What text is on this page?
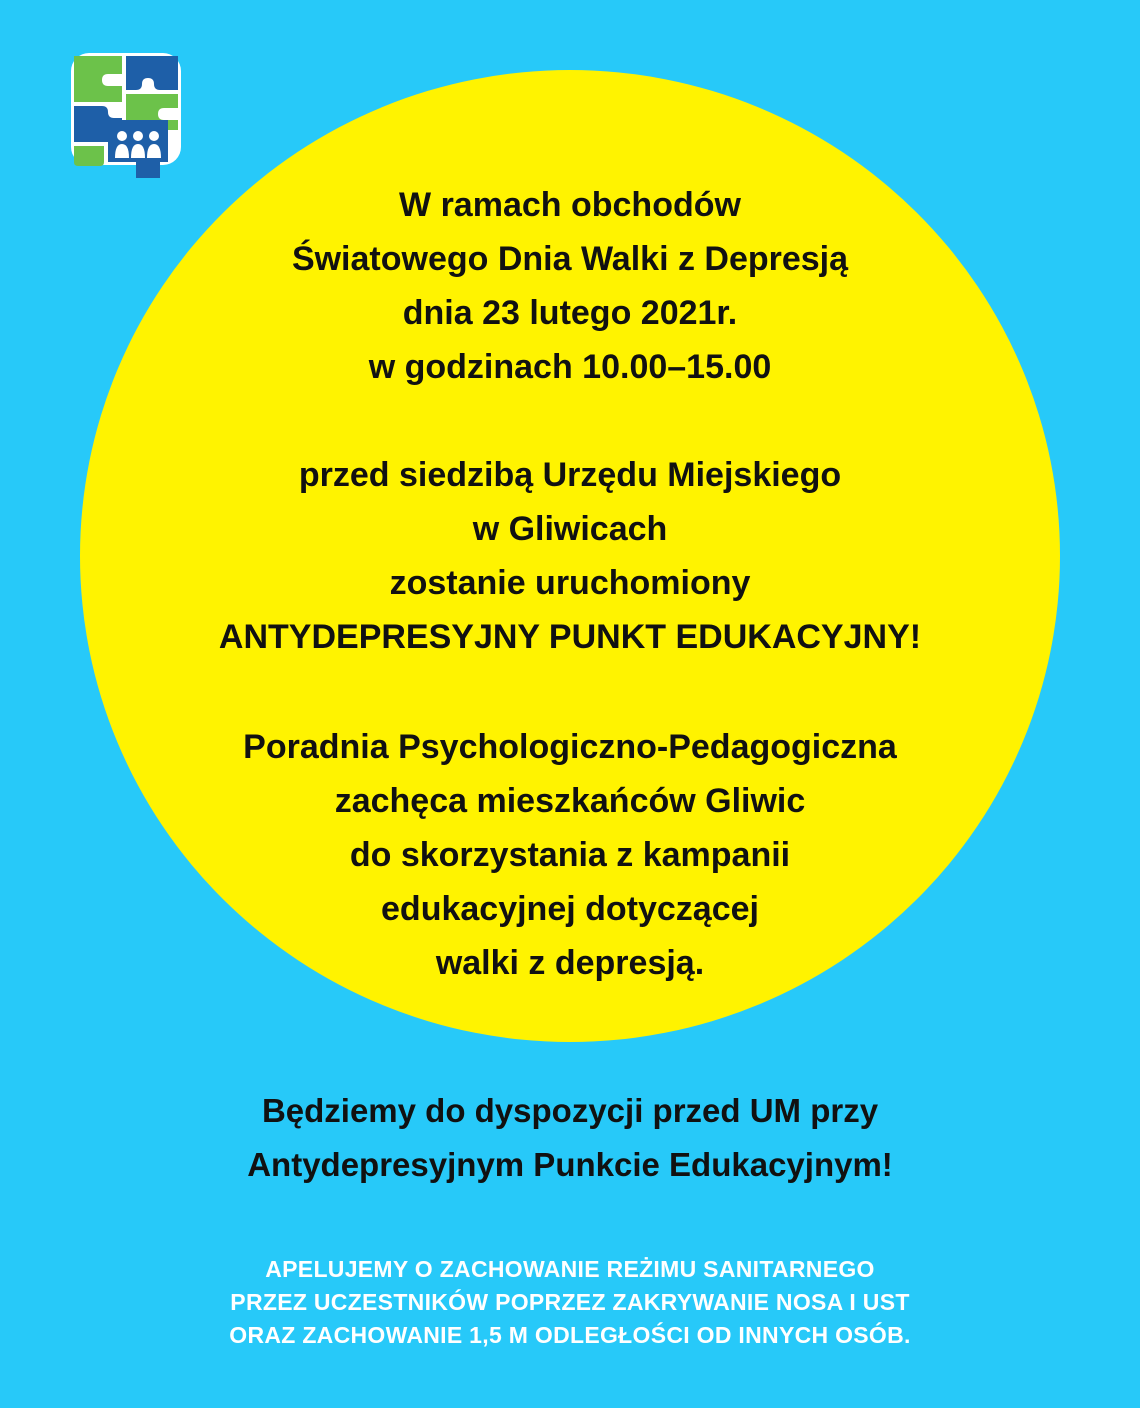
W ramach obchodów
Światowego Dnia Walki z Depresją
dnia 23 lutego 2021r.
w godzinach 10.00–15.00
przed siedzibą Urzędu Miejskiego
w Gliwicach
zostanie uruchomiony
ANTYDEPRESYJNY PUNKT EDUKACYJNY!
Poradnia Psychologiczno-Pedagogiczna
zachęca mieszkańców Gliwic
do skorzystania z kampanii
edukacyjnej dotyczącej
walki z depresją.
Będziemy do dyspozycji przed UM przy
Antydepresyjnym Punkcie Edukacyjnym!
APELUJEMY O ZACHOWANIE REŻIMU SANITARNEGO
PRZEZ UCZESTNIKÓW POPRZEZ ZAKRYWANIE NOSA I UST
ORAZ ZACHOWANIE 1,5 M ODLEGŁOŚCI OD INNYCH OSÓB.
